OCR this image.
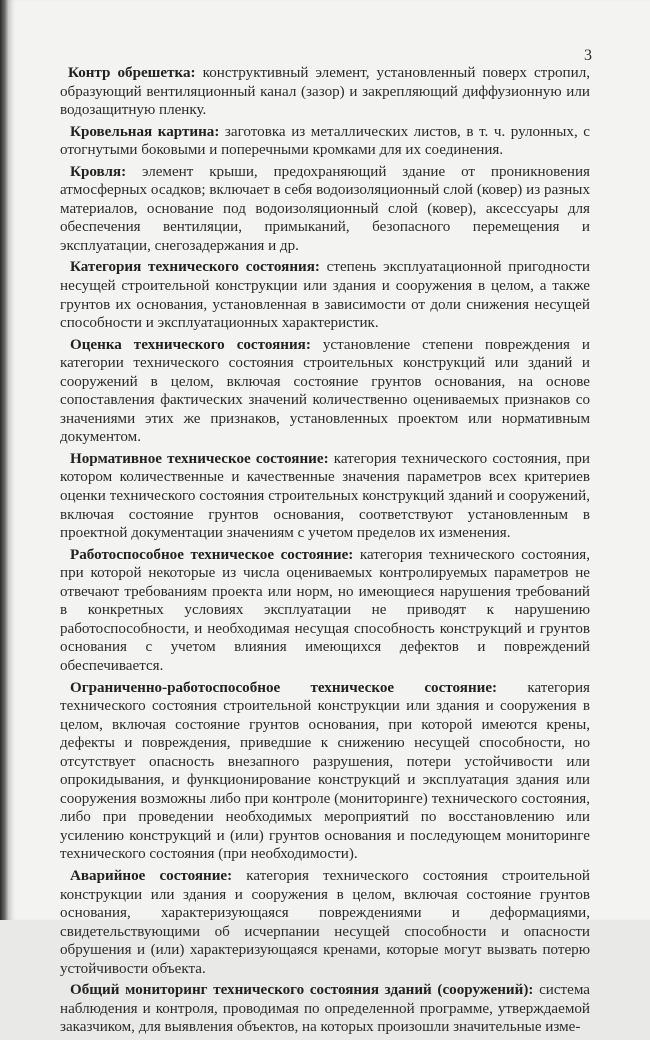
3

Контр обрешетка: конструктивный элемент, установленный поверх стропил, образующий вентиляционный канал (зазор) и закрепляющий диффузионную или водозащитную пленку.

Кровельная картина: заготовка из металлических листов, в т. ч. рулонных, с отогнутыми боковыми и поперечными кромками для их соединения.

Кровля: элемент крыши, предохраняющий здание от проникновения атмосферных осадков; включает в себя водоизоляционный слой (ковер) из разных материалов, основание под водоизоляционный слой (ковер), аксессуары для обеспечения вентиляции, примыканий, безопасного перемещения и эксплуатации, снегозадержания и др.

Категория технического состояния: степень эксплуатационной пригодности несущей строительной конструкции или здания и сооружения в целом, а также грунтов их основания, установленная в зависимости от доли снижения несущей способности и эксплуатационных характеристик.

Оценка технического состояния: установление степени повреждения и категории технического состояния строительных конструкций или зданий и сооружений в целом, включая состояние грунтов основания, на основе сопоставления фактических значений количественно оцениваемых признаков со значениями этих же признаков, установленных проектом или нормативным документом.

Нормативное техническое состояние: категория технического состояния, при котором количественные и качественные значения параметров всех критериев оценки технического состояния строительных конструкций зданий и сооружений, включая состояние грунтов основания, соответствуют установленным в проектной документации значениям с учетом пределов их изменения.

Работоспособное техническое состояние: категория технического состояния, при которой некоторые из числа оцениваемых контролируемых параметров не отвечают требованиям проекта или норм, но имеющиеся нарушения требований в конкретных условиях эксплуатации не приводят к нарушению работоспособности, и необходимая несущая способность конструкций и грунтов основания с учетом влияния имеющихся дефектов и повреждений обеспечивается.

Ограниченно-работоспособное техническое состояние: категория технического состояния строительной конструкции или здания и сооружения в целом, включая состояние грунтов основания, при которой имеются крены, дефекты и повреждения, приведшие к снижению несущей способности, но отсутствует опасность внезапного разрушения, потери устойчивости или опрокидывания, и функционирование конструкций и эксплуатация здания или сооружения возможны либо при контроле (мониторинге) технического состояния, либо при проведении необходимых мероприятий по восстановлению или усилению конструкций и (или) грунтов основания и последующем мониторинге технического состояния (при необходимости).

Аварийное состояние: категория технического состояния строительной конструкции или здания и сооружения в целом, включая состояние грунтов основания, характеризующаяся повреждениями и деформациями, свидетельствующими об исчерпании несущей способности и опасности обрушения и (или) характеризующаяся кренами, которые могут вызвать потерю устойчивости объекта.

Общий мониторинг технического состояния зданий (сооружений): система наблюдения и контроля, проводимая по определенной программе, утверждаемой заказчиком, для выявления объектов, на которых произошли значительные изме-
